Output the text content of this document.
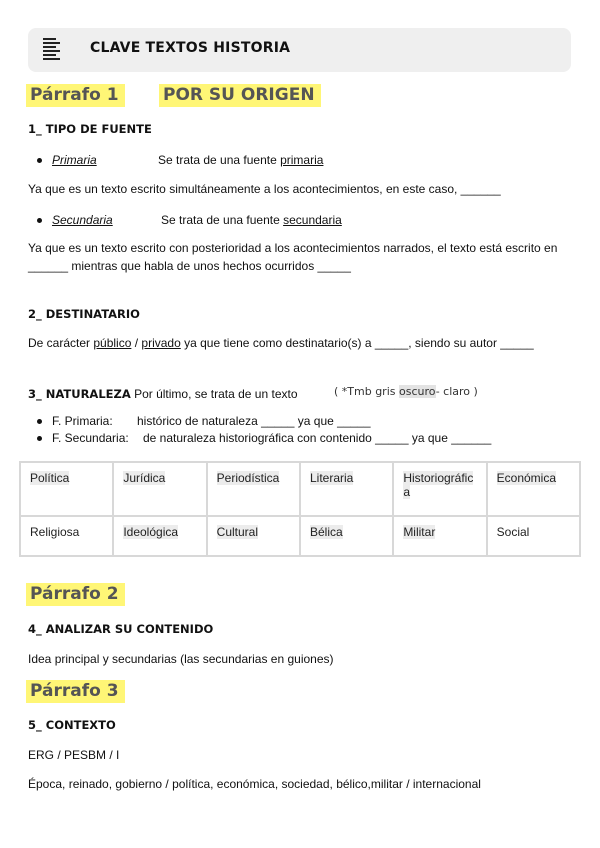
CLAVE TEXTOS HISTORIA
Párrafo 1	POR SU ORIGEN
1_ TIPO DE FUENTE
Primaria	Se trata de una fuente primaria
Ya que es un texto escrito simultáneamente a los acontecimientos, en este caso, ______
Secundaria	Se trata de una fuente secundaria
Ya que es un texto escrito con posterioridad a los acontecimientos narrados, el texto está escrito en
______ mientras que habla de unos hechos ocurridos _____
2_ DESTINATARIO
De carácter público / privado ya que tiene como destinatario(s) a _____, siendo su autor _____
3_ NATURALEZA Por último, se trata de un texto	( *Tmb gris oscuro- claro )
F. Primaria: histórico de naturaleza _____ ya que _____
F. Secundaria: de naturaleza historiográfica con contenido _____ ya que ______
Política	Jurídica	Periodística	Literaria	Historiográfica	Económica
Religiosa	Ideológica	Cultural	Bélica	Militar	Social
Párrafo 2
4_ ANALIZAR SU CONTENIDO
Idea principal y secundarias (las secundarias en guiones)
Párrafo 3
5_ CONTEXTO
ERG / PESBM / I
Época, reinado, gobierno / política, económica, sociedad, bélico,militar / internacional
